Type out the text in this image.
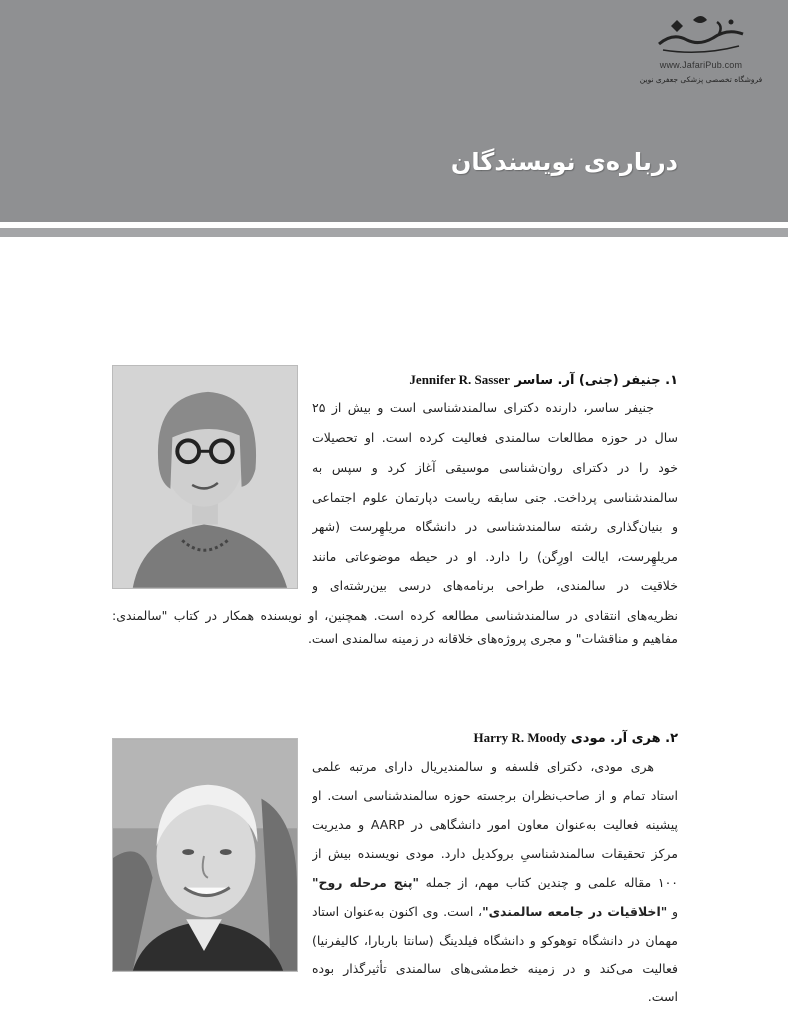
www.JafariPub.com
فروشگاه تخصصی پزشکی جعفری نوین
درباره‌ی نویسندگان
۱. جنیفر (جنی) آر. ساسر Jennifer R. Sasser
جنیفر ساسر، دارنده دکترای سالمندشناسی است و بیش از ۲۵
سال در حوزه مطالعات سالمندی فعالیت کرده است. او تحصیلات
خود را در دکترای روان‌شناسی موسیقی آغاز کرد و سپس به
سالمندشناسی پرداخت. جنی سابقه ریاست دپارتمان علوم اجتماعی
و بنیان‌گذاری رشته سالمندشناسی در دانشگاه مریلهِرست (شهر
مریلهِرست، ایالت اورِگن) را دارد. او در حیطه موضوعاتی مانند
خلاقیت در سالمندی، طراحی برنامه‌های درسی بین‌رشته‌ای و
نظریه‌های انتقادی در سالمندشناسی مطالعه کرده است. همچنین، او نویسنده همکار در کتاب "سالمندی:
مفاهیم و مناقشات" و مجری پروژه‌های خلاقانه در زمینه سالمندی است.
۲. هری آر. مودی Harry R. Moody
هری مودی، دکترای فلسفه و سالمندیریال دارای مرتبه علمی
استاد تمام و از صاحب‌نظران برجسته حوزه سالمندشناسی است. او
پیشینه فعالیت به‌عنوان معاون امور دانشگاهی در AARP و مدیریت
مرکز تحقیقات سالمندشناسیِ بروکدیل دارد. مودی نویسنده بیش از
۱۰۰ مقاله علمی و چندین کتاب مهم، از جمله "پنج مرحله روح"
و "اخلاقیات در جامعه سالمندی"، است. وی اکنون به‌عنوان استاد
مهمان در دانشگاه توهوکو و دانشگاه فیلدینگ (سانتا باربارا، کالیفرنیا)
فعالیت می‌کند و در زمینه خط‌مشی‌های سالمندی تأثیرگذار بوده
است.
